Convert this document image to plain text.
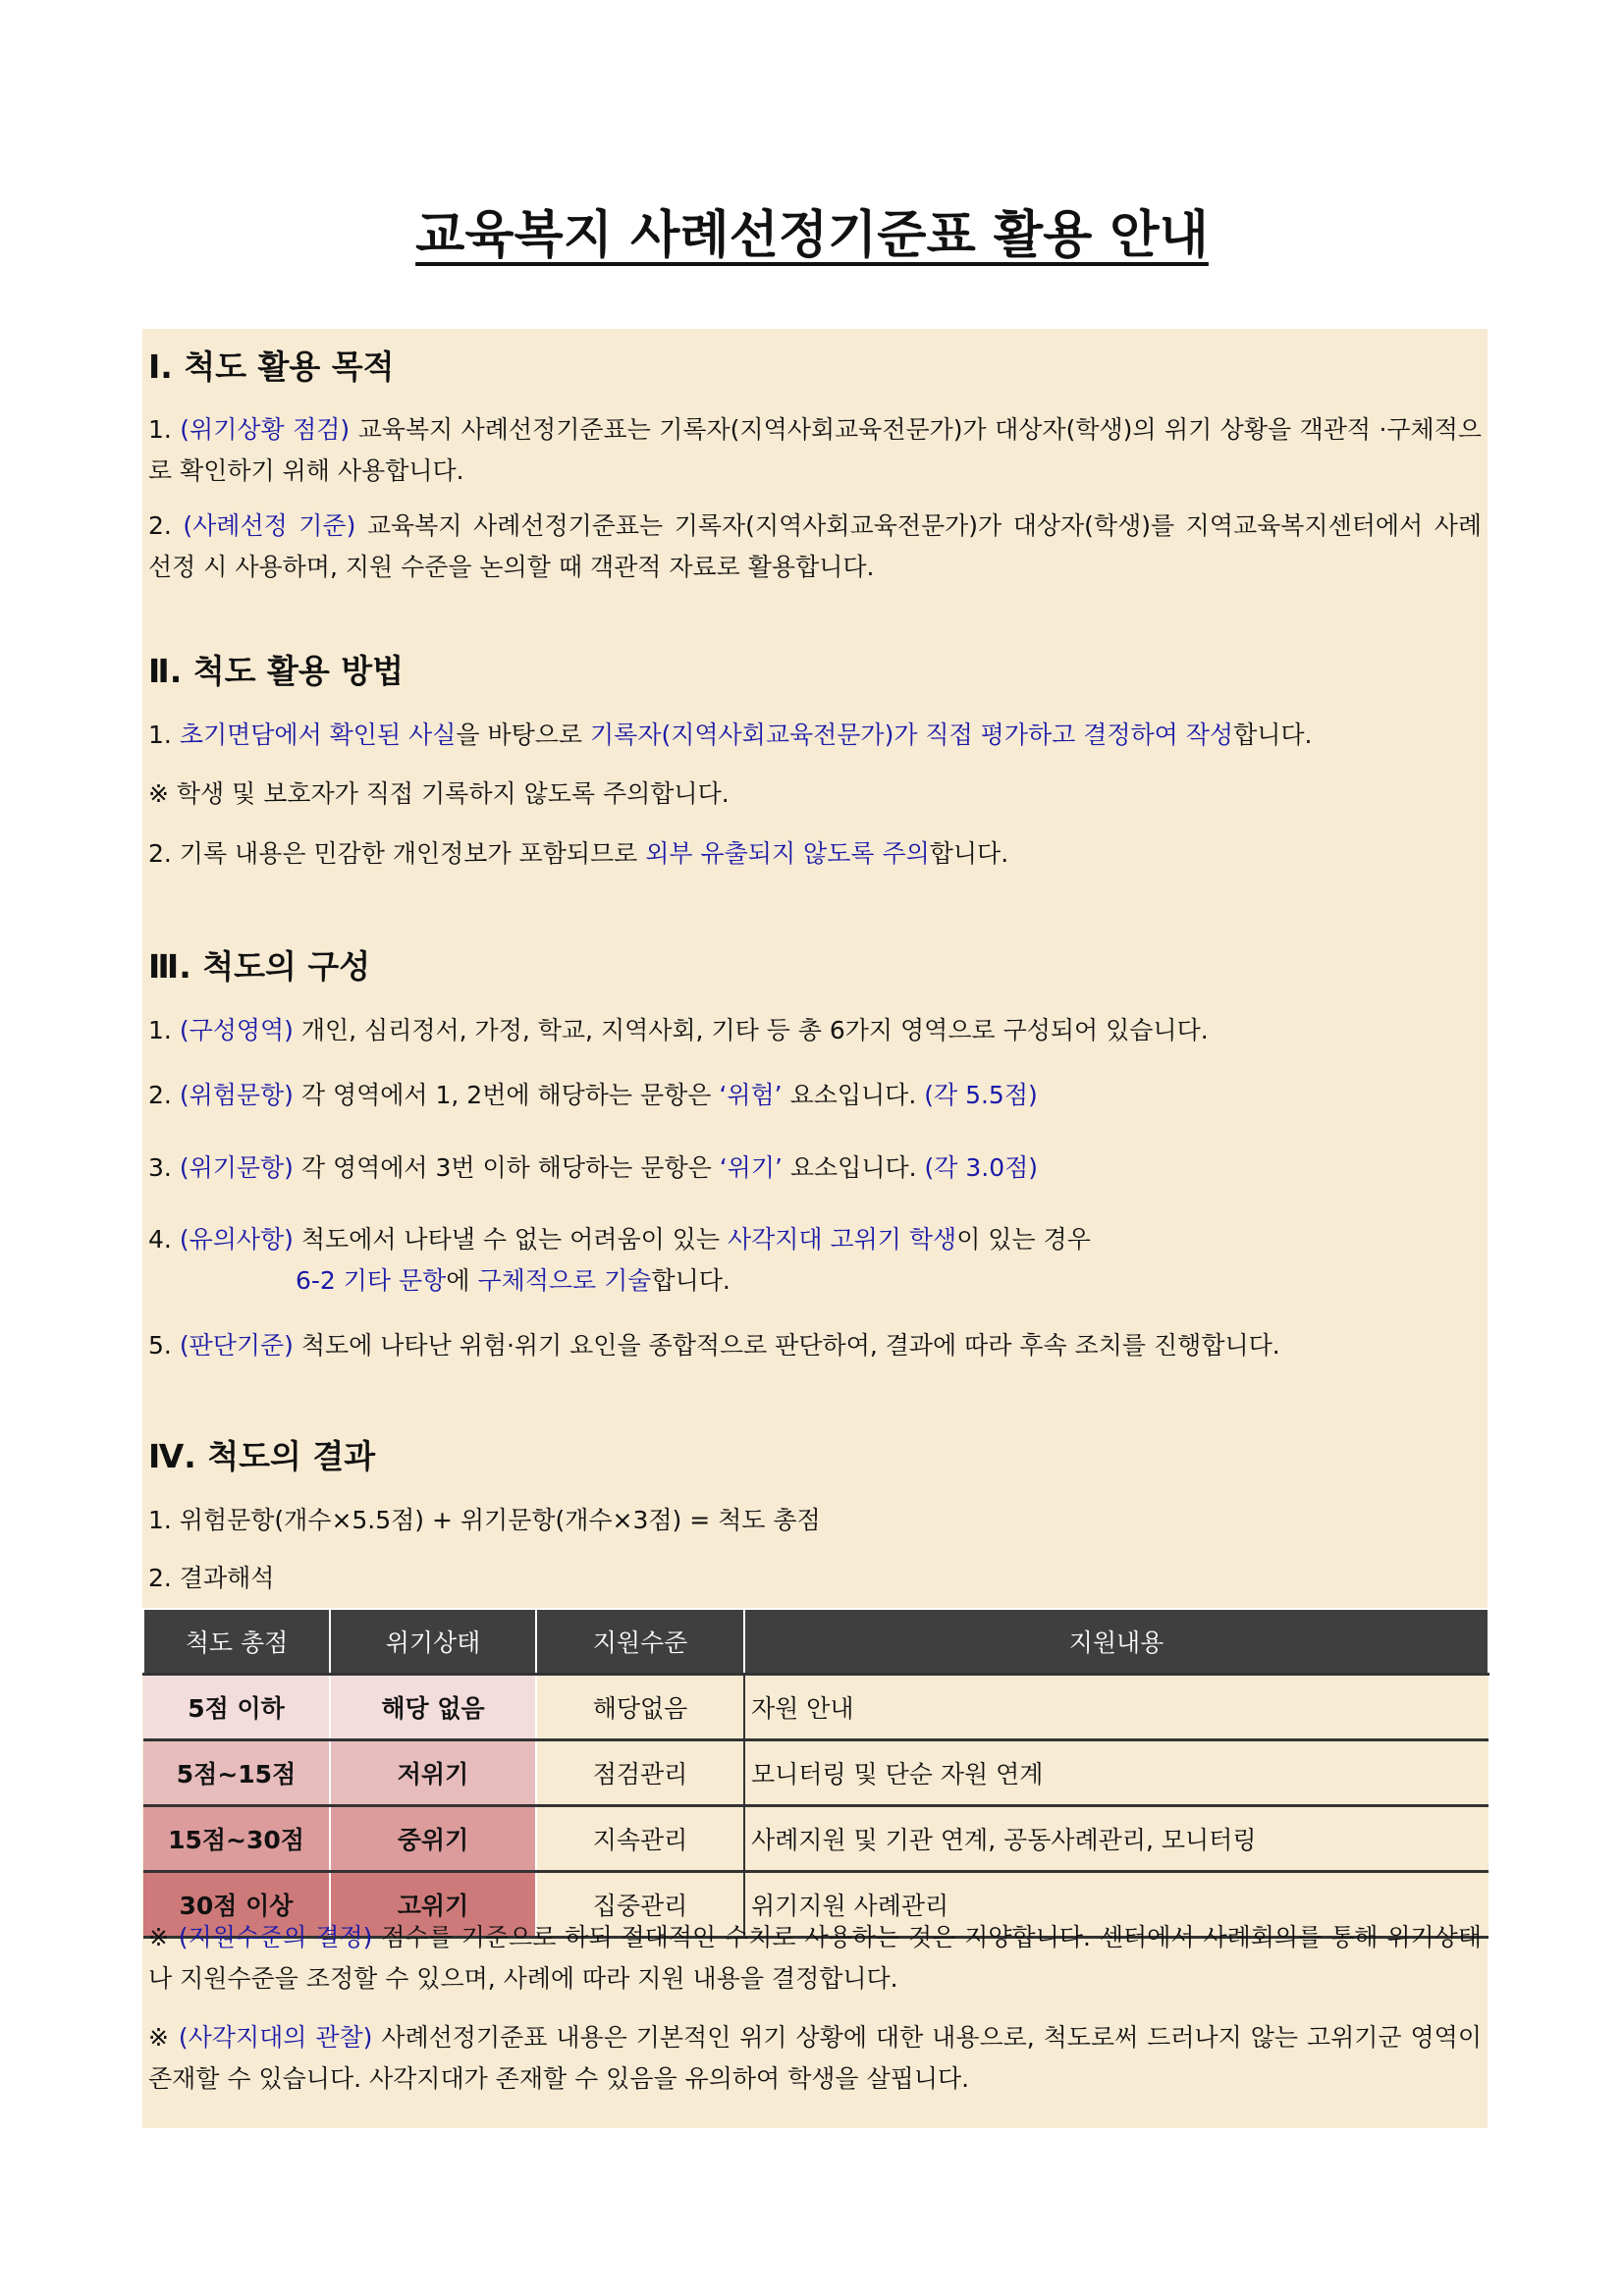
교육복지 사례선정기준표 활용 안내
Ⅰ. 척도 활용 목적
1. (위기상황 점검) 교육복지 사례선정기준표는 기록자(지역사회교육전문가)가 대상자(학생)의 위기 상황을 객관적 ·구체적으로 확인하기 위해 사용합니다.
2. (사례선정 기준) 교육복지 사례선정기준표는 기록자(지역사회교육전문가)가 대상자(학생)를 지역교육복지센터에서 사례 선정 시 사용하며, 지원 수준을 논의할 때 객관적 자료로 활용합니다.
Ⅱ. 척도 활용 방법
1. 초기면담에서 확인된 사실을 바탕으로 기록자(지역사회교육전문가)가 직접 평가하고 결정하여 작성합니다.
※ 학생 및 보호자가 직접 기록하지 않도록 주의합니다.
2. 기록 내용은 민감한 개인정보가 포함되므로 외부 유출되지 않도록 주의합니다.
Ⅲ. 척도의 구성
1. (구성영역) 개인, 심리정서, 가정, 학교, 지역사회, 기타 등 총 6가지 영역으로 구성되어 있습니다.
2. (위험문항) 각 영역에서 1, 2번에 해당하는 문항은 ‘위험’ 요소입니다. (각 5.5점)
3. (위기문항) 각 영역에서 3번 이하 해당하는 문항은 ‘위기’ 요소입니다. (각 3.0점)
4. (유의사항) 척도에서 나타낼 수 없는 어려움이 있는 사각지대 고위기 학생이 있는 경우
6-2 기타 문항에 구체적으로 기술합니다.
5. (판단기준) 척도에 나타난 위험·위기 요인을 종합적으로 판단하여, 결과에 따라 후속 조치를 진행합니다.
Ⅳ. 척도의 결과
1. 위험문항(개수×5.5점) + 위기문항(개수×3점) = 척도 총점
2. 결과해석
척도 총점	위기상태	지원수준	지원내용
5점 이하	해당 없음	해당없음	자원 안내
5점~15점	저위기	점검관리	모니터링 및 단순 자원 연계
15점~30점	중위기	지속관리	사례지원 및 기관 연계, 공동사례관리, 모니터링
30점 이상	고위기	집중관리	위기지원 사례관리
※ (지원수준의 결정) 점수를 기준으로 하되 절대적인 수치로 사용하는 것은 지양합니다. 센터에서 사례회의를 통해 위기상태나 지원수준을 조정할 수 있으며, 사례에 따라 지원 내용을 결정합니다.
※ (사각지대의 관찰) 사례선정기준표 내용은 기본적인 위기 상황에 대한 내용으로, 척도로써 드러나지 않는 고위기군 영역이 존재할 수 있습니다. 사각지대가 존재할 수 있음을 유의하여 학생을 살핍니다.
